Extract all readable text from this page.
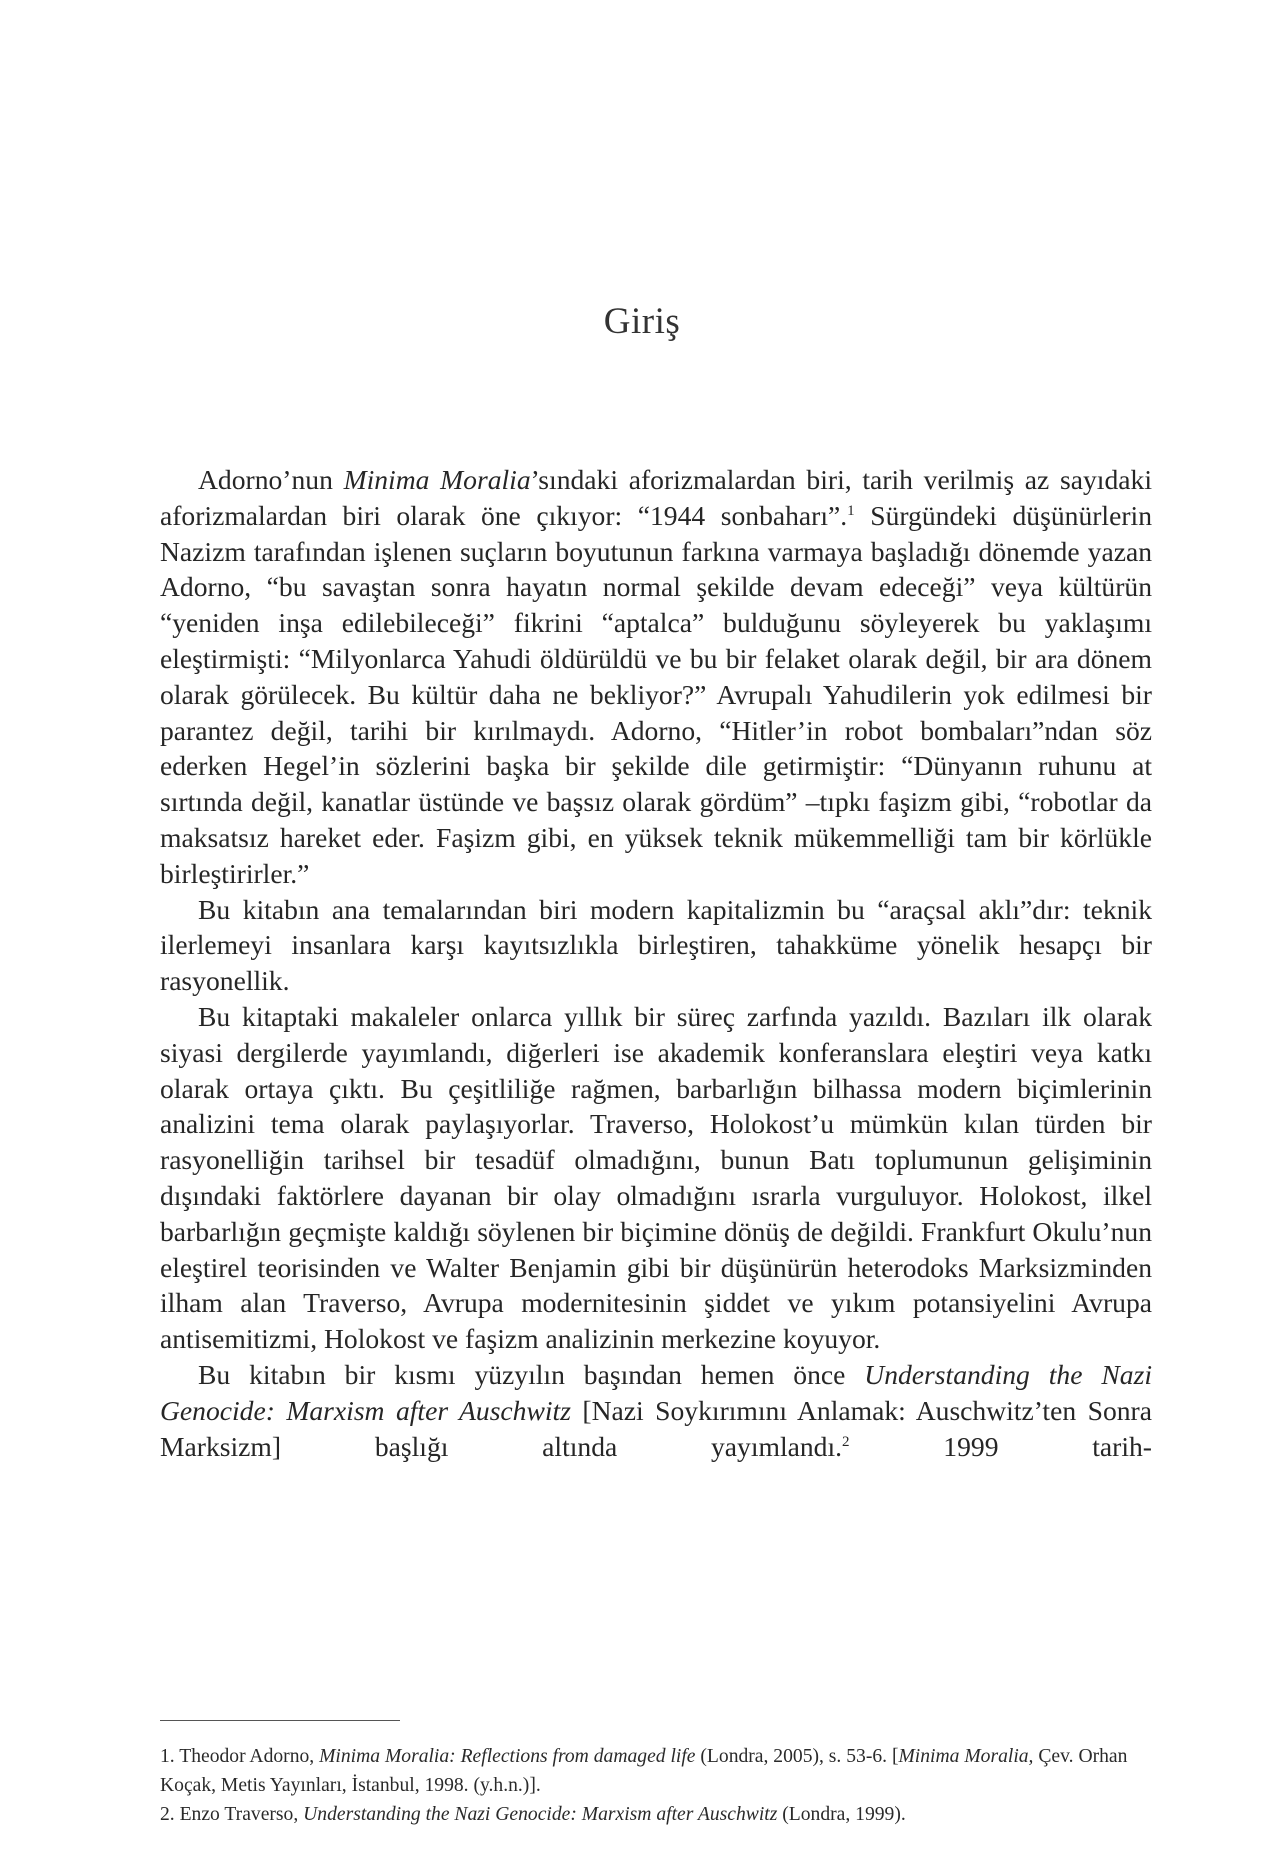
Giriş

Adorno’nun Minima Moralia’sındaki aforizmalardan biri, tarih verilmiş az sayıdaki aforizmalardan biri olarak öne çıkıyor: “1944 sonbaharı”.$^1$ Sürgündeki düşünürlerin Nazizm tarafından işlenen suçların boyutunun farkına varmaya başladığı dönemde yazan Adorno, “bu savaştan sonra hayatın normal şekilde devam edeceği” veya kültürün “yeniden inşa edilebileceği” fikrini “aptalca” bulduğunu söyleyerek bu yaklaşımı eleştirmişti: “Milyonlarca Yahudi öldürüldü ve bu bir felaket olarak değil, bir ara dönem olarak görülecek. Bu kültür daha ne bekliyor?” Avrupalı Yahudilerin yok edilmesi bir parantez değil, tarihi bir kırılmaydı. Adorno, “Hitler’in robot bombaları”ndan söz ederken Hegel’in sözlerini başka bir şekilde dile getirmiştir: “Dünyanın ruhunu at sırtında değil, kanatlar üstünde ve başsız olarak gördüm” –tıpkı faşizm gibi, “robotlar da maksatsız hareket eder. Faşizm gibi, en yüksek teknik mükemmelliği tam bir körlükle birleştirirler.”

Bu kitabın ana temalarından biri modern kapitalizmin bu “araçsal aklı”dır: teknik ilerlemeyi insanlara karşı kayıtsızlıkla birleştiren, tahakküme yönelik hesapçı bir rasyonellik.

Bu kitaptaki makaleler onlarca yıllık bir süreç zarfında yazıldı. Bazıları ilk olarak siyasi dergilerde yayımlandı, diğerleri ise akademik konferanslara eleştiri veya katkı olarak ortaya çıktı. Bu çeşitliliğe rağmen, barbarlığın bilhassa modern biçimlerinin analizini tema olarak paylaşıyorlar. Traverso, Holokost’u mümkün kılan türden bir rasyonelliğin tarihsel bir tesadüf olmadığını, bunun Batı toplumunun gelişiminin dışındaki faktörlere dayanan bir olay olmadığını ısrarla vurguluyor. Holokost, ilkel barbarlığın geçmişte kaldığı söylenen bir biçimine dönüş de değildi. Frankfurt Okulu’nun eleştirel teorisinden ve Walter Benjamin gibi bir düşünürün heterodoks Marksizminden ilham alan Traverso, Avrupa modernitesinin şiddet ve yıkım potansiyelini Avrupa antisemitizmi, Holokost ve faşizm analizinin merkezine koyuyor.

Bu kitabın bir kısmı yüzyılın başından hemen önce Understanding the Nazi Genocide: Marxism after Auschwitz [Nazi Soykırımını Anlamak: Auschwitz’ten Sonra Marksizm] başlığı altında yayımlandı.$^2$ 1999 tarih-

1. Theodor Adorno, Minima Moralia: Reflections from damaged life (Londra, 2005), s. 53-6. [Minima Moralia, Çev. Orhan Koçak, Metis Yayınları, İstanbul, 1998. (y.h.n.)].

2. Enzo Traverso, Understanding the Nazi Genocide: Marxism after Auschwitz (Londra, 1999).
